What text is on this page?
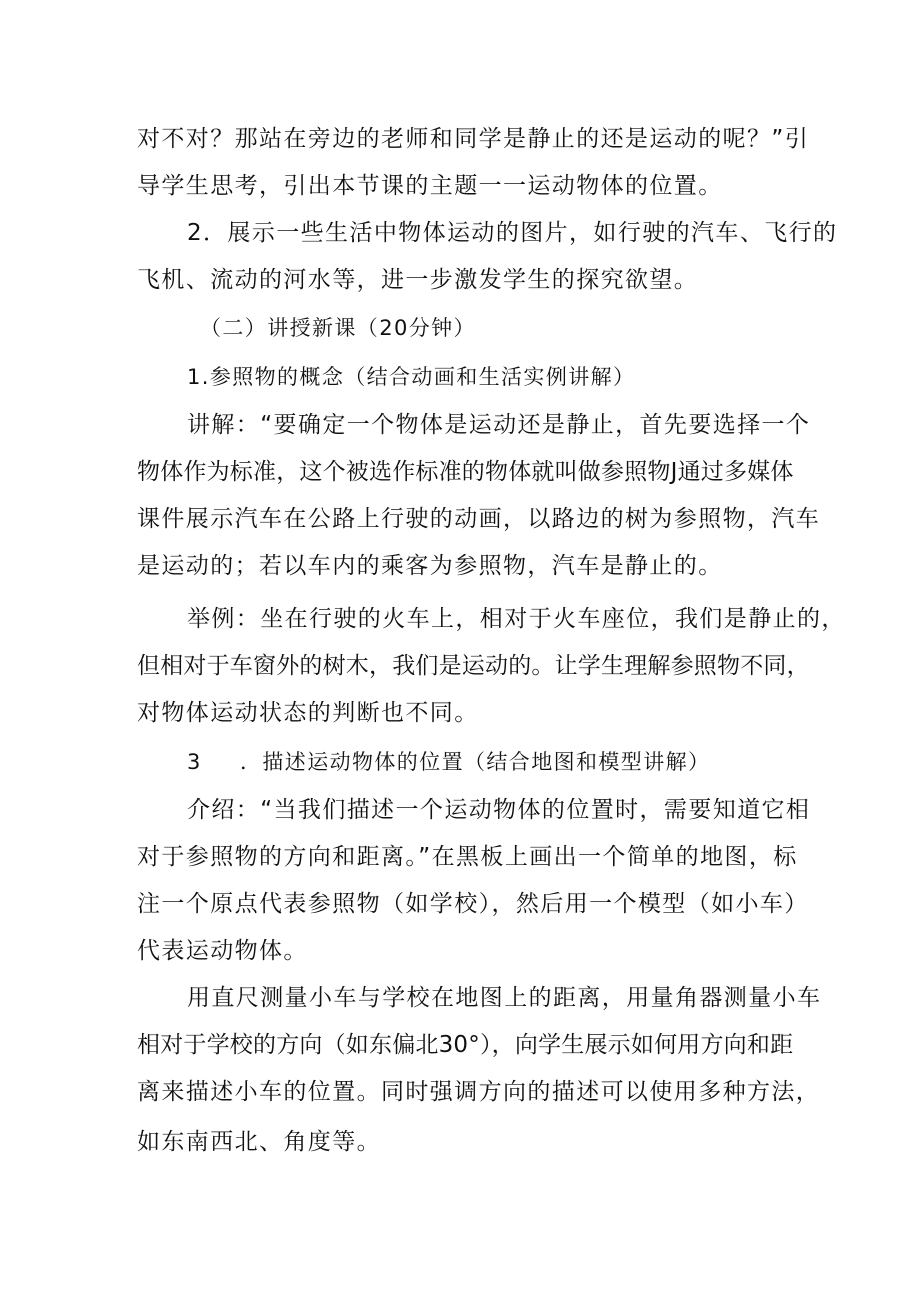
对不对？那站在旁边的老师和同学是静止的还是运动的呢？”引
导学生思考，引出本节课的主题一一运动物体的位置。
2．展示一些生活中物体运动的图片，如行驶的汽车、飞行的
飞机、流动的河水等，进一步激发学生的探究欲望。
（二）讲授新课（20分钟）
1.参照物的概念（结合动画和生活实例讲解）
讲解：“要确定一个物体是运动还是静止，首先要选择一个
物体作为标准，这个被选作标准的物体就叫做参照物J通过多媒体
课件展示汽车在公路上行驶的动画，以路边的树为参照物，汽车
是运动的；若以车内的乘客为参照物，汽车是静止的。
举例：坐在行驶的火车上，相对于火车座位，我们是静止的，
但相对于车窗外的树木，我们是运动的。让学生理解参照物不同，
对物体运动状态的判断也不同。
3 ．描述运动物体的位置（结合地图和模型讲解）
介绍：“当我们描述一个运动物体的位置时，需要知道它相
对于参照物的方向和距离。”在黑板上画出一个简单的地图，标
注一个原点代表参照物（如学校），然后用一个模型（如小车）
代表运动物体。
用直尺测量小车与学校在地图上的距离，用量角器测量小车
相对于学校的方向（如东偏北30°），向学生展示如何用方向和距
离来描述小车的位置。同时强调方向的描述可以使用多种方法，
如东南西北、角度等。
